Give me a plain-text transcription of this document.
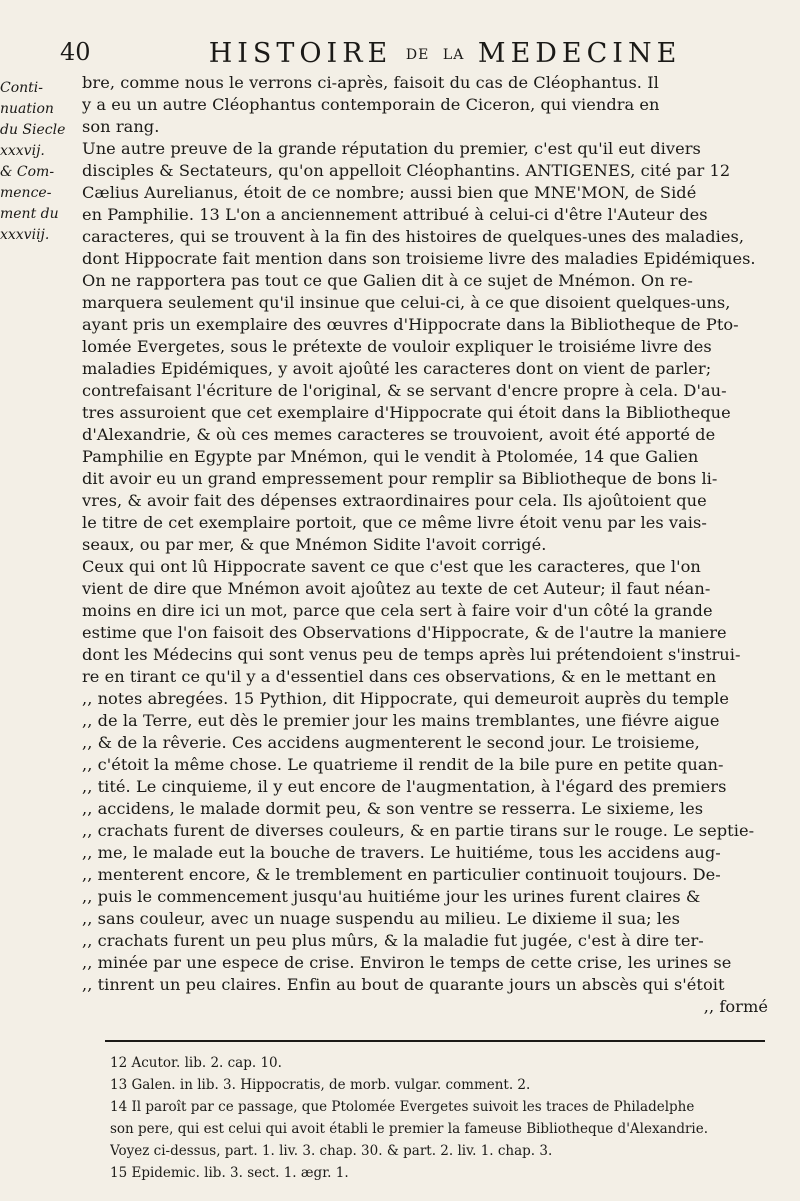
40	HISTOIRE DE LA MEDECINE
Conti-
nuation
du Siecle
xxxvij.
& Com-
mence-
ment du
xxxviij.
bre, comme nous le verrons ci-après, faisoit du cas de Cléophantus. Il
y a eu un autre Cléophantus contemporain de Ciceron, qui viendra en
son rang.
Une autre preuve de la grande réputation du premier, c'est qu'il eut divers
disciples & Sectateurs, qu'on appelloit Cléophantins. ANTIGENES, cité par 12
Cælius Aurelianus, étoit de ce nombre; aussi bien que MNE'MON, de Sidé
en Pamphilie. 13 L'on a anciennement attribué à celui-ci d'être l'Auteur des
caracteres, qui se trouvent à la fin des histoires de quelques-unes des maladies,
dont Hippocrate fait mention dans son troisieme livre des maladies Epidémiques.
On ne rapportera pas tout ce que Galien dit à ce sujet de Mnémon. On re-
marquera seulement qu'il insinue que celui-ci, à ce que disoient quelques-uns,
ayant pris un exemplaire des œuvres d'Hippocrate dans la Bibliotheque de Pto-
lomée Evergetes, sous le prétexte de vouloir expliquer le troisiéme livre des
maladies Epidémiques, y avoit ajoûté les caracteres dont on vient de parler;
contrefaisant l'écriture de l'original, & se servant d'encre propre à cela. D'au-
tres assuroient que cet exemplaire d'Hippocrate qui étoit dans la Bibliotheque
d'Alexandrie, & où ces memes caracteres se trouvoient, avoit été apporté de
Pamphilie en Egypte par Mnémon, qui le vendit à Ptolomée, 14 que Galien
dit avoir eu un grand empressement pour remplir sa Bibliotheque de bons li-
vres, & avoir fait des dépenses extraordinaires pour cela. Ils ajoûtoient que
le titre de cet exemplaire portoit, que ce même livre étoit venu par les vais-
seaux, ou par mer, & que Mnémon Sidite l'avoit corrigé.
Ceux qui ont lû Hippocrate savent ce que c'est que les caracteres, que l'on
vient de dire que Mnémon avoit ajoûtez au texte de cet Auteur; il faut néan-
moins en dire ici un mot, parce que cela sert à faire voir d'un côté la grande
estime que l'on faisoit des Observations d'Hippocrate, & de l'autre la maniere
dont les Médecins qui sont venus peu de temps après lui prétendoient s'instrui-
re en tirant ce qu'il y a d'essentiel dans ces observations, & en le mettant en
,, notes abregées. 15 Pythion, dit Hippocrate, qui demeuroit auprès du temple
,, de la Terre, eut dès le premier jour les mains tremblantes, une fiévre aigue
,, & de la rêverie. Ces accidens augmenterent le second jour. Le troisieme,
,, c'étoit la même chose. Le quatrieme il rendit de la bile pure en petite quan-
,, tité. Le cinquieme, il y eut encore de l'augmentation, à l'égard des premiers
,, accidens, le malade dormit peu, & son ventre se resserra. Le sixieme, les
,, crachats furent de diverses couleurs, & en partie tirans sur le rouge. Le septie-
,, me, le malade eut la bouche de travers. Le huitiéme, tous les accidens aug-
,, menterent encore, & le tremblement en particulier continuoit toujours. De-
,, puis le commencement jusqu'au huitiéme jour les urines furent claires &
,, sans couleur, avec un nuage suspendu au milieu. Le dixieme il sua; les
,, crachats furent un peu plus mûrs, & la maladie fut jugée, c'est à dire ter-
,, minée par une espece de crise. Environ le temps de cette crise, les urines se
,, tinrent un peu claires. Enfin au bout de quarante jours un abscès qui s'étoit
,, formé
12 Acutor. lib. 2. cap. 10.
13 Galen. in lib. 3. Hippocratis, de morb. vulgar. comment. 2.
14 Il paroît par ce passage, que Ptolomée Evergetes suivoit les traces de Philadelphe
son pere, qui est celui qui avoit établi le premier la fameuse Bibliotheque d'Alexandrie.
Voyez ci-dessus, part. 1. liv. 3. chap. 30. & part. 2. liv. 1. chap. 3.
15 Epidemic. lib. 3. sect. 1. ægr. 1.
